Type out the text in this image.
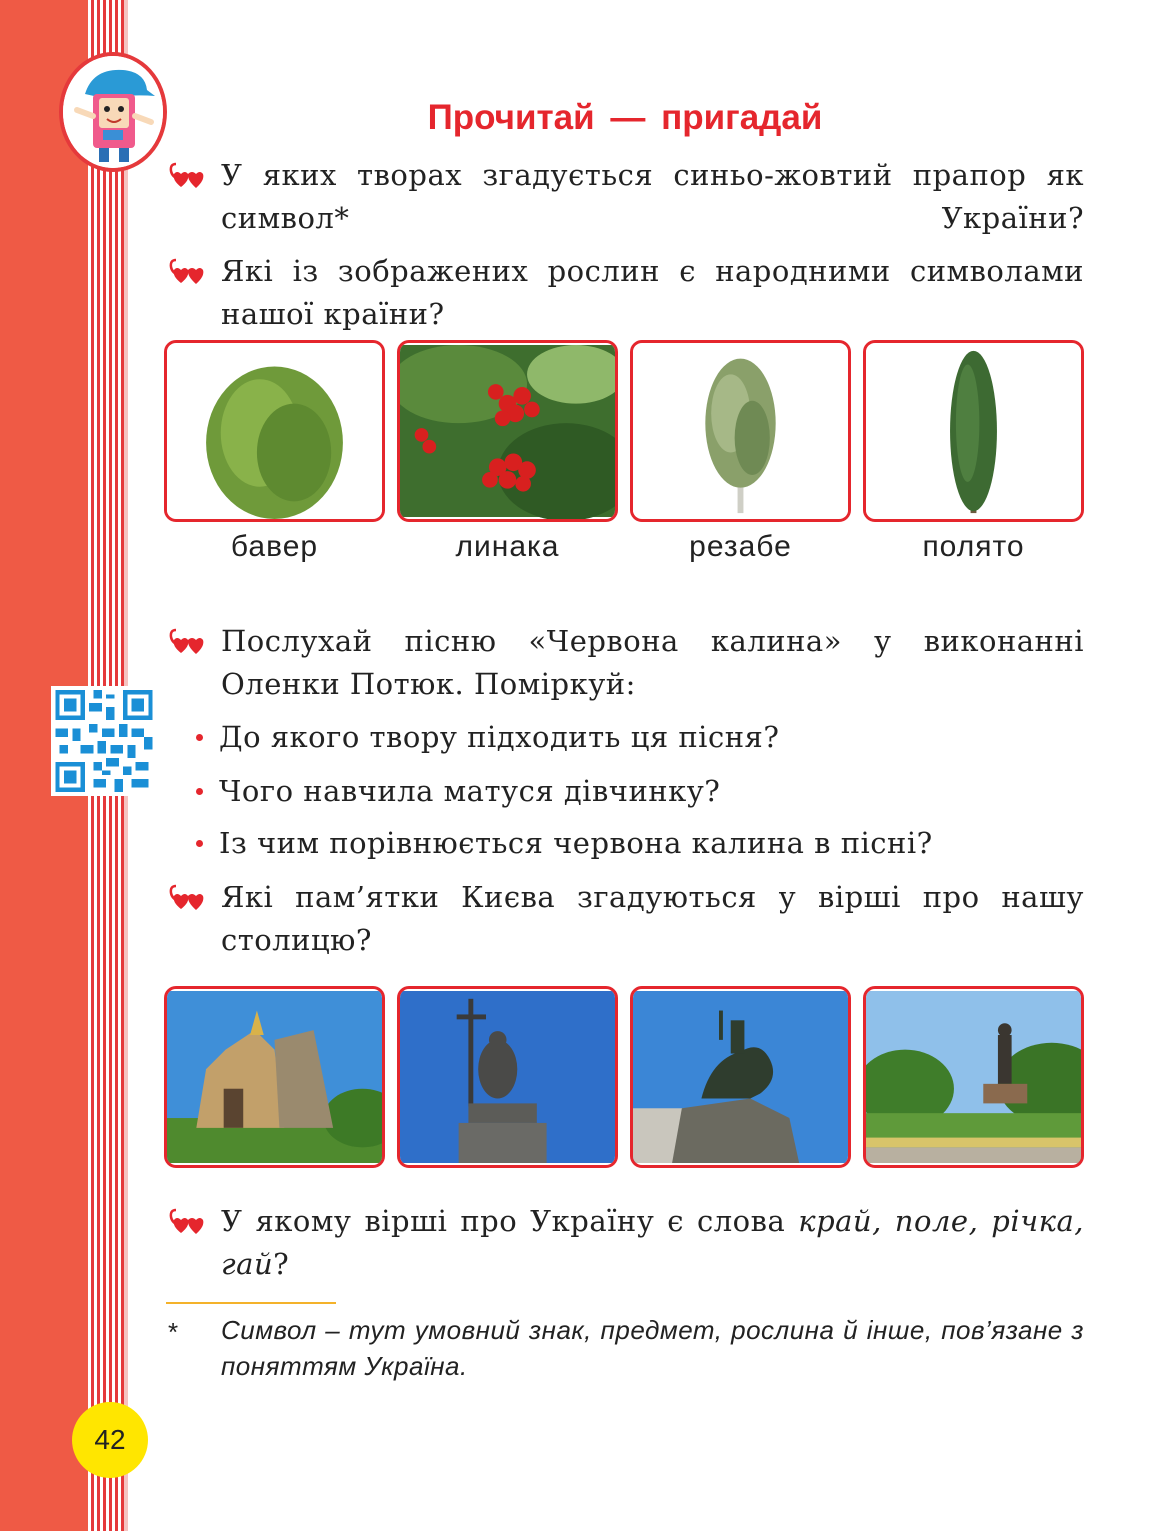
Прочитай — пригадай
У яких творах згадується синьо-жовтий прапор як символ* України?
Які із зображених рослин є народними символами нашої країни?
бавер	линака	резабе	полято
Послухай пісню «Червона калина» у виконанні Оленки Потюк. Поміркуй:
До якого твору підходить ця пісня?
Чого навчила матуся дівчинку?
Із чим порівнюється червона калина в пісні?
Які пам’ятки Києва згадуються у вірші про нашу столицю?
У якому вірші про Україну є слова край, поле, річка, гай?
* Символ – тут умовний знак, предмет, рослина й інше, пов’язане з поняттям Україна.
42
